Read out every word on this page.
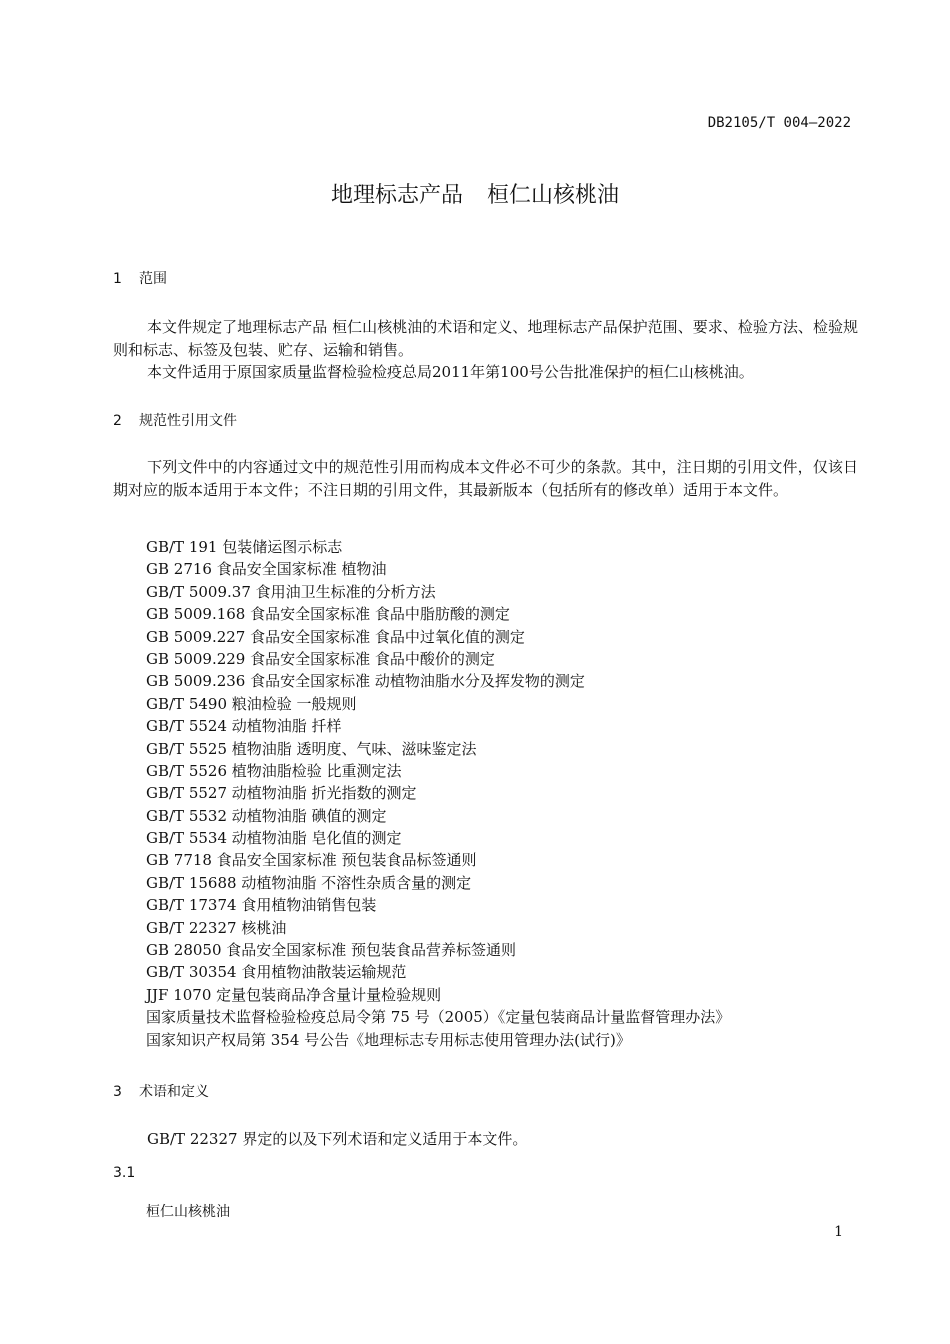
DB2105/T 004—2022
地理标志产品 桓仁山核桃油
1 范围
本文件规定了地理标志产品 桓仁山核桃油的术语和定义、地理标志产品保护范围、要求、检验方法、检验规则和标志、标签及包装、贮存、运输和销售。
本文件适用于原国家质量监督检验检疫总局2011年第100号公告批准保护的桓仁山核桃油。
2 规范性引用文件
下列文件中的内容通过文中的规范性引用而构成本文件必不可少的条款。其中，注日期的引用文件，仅该日期对应的版本适用于本文件；不注日期的引用文件，其最新版本（包括所有的修改单）适用于本文件。
GB/T 191 包装储运图示标志
GB 2716 食品安全国家标准 植物油
GB/T 5009.37 食用油卫生标准的分析方法
GB 5009.168 食品安全国家标准 食品中脂肪酸的测定
GB 5009.227 食品安全国家标准 食品中过氧化值的测定
GB 5009.229 食品安全国家标准 食品中酸价的测定
GB 5009.236 食品安全国家标准 动植物油脂水分及挥发物的测定
GB/T 5490 粮油检验 一般规则
GB/T 5524 动植物油脂 扦样
GB/T 5525 植物油脂 透明度、气味、滋味鉴定法
GB/T 5526 植物油脂检验 比重测定法
GB/T 5527 动植物油脂 折光指数的测定
GB/T 5532 动植物油脂 碘值的测定
GB/T 5534 动植物油脂 皂化值的测定
GB 7718 食品安全国家标准 预包装食品标签通则
GB/T 15688 动植物油脂 不溶性杂质含量的测定
GB/T 17374 食用植物油销售包装
GB/T 22327 核桃油
GB 28050 食品安全国家标准 预包装食品营养标签通则
GB/T 30354 食用植物油散装运输规范
JJF 1070 定量包装商品净含量计量检验规则
国家质量技术监督检验检疫总局令第 75 号（2005）《定量包装商品计量监督管理办法》
国家知识产权局第 354 号公告《地理标志专用标志使用管理办法(试行)》
3 术语和定义
GB/T 22327 界定的以及下列术语和定义适用于本文件。
3.1
桓仁山核桃油
1
